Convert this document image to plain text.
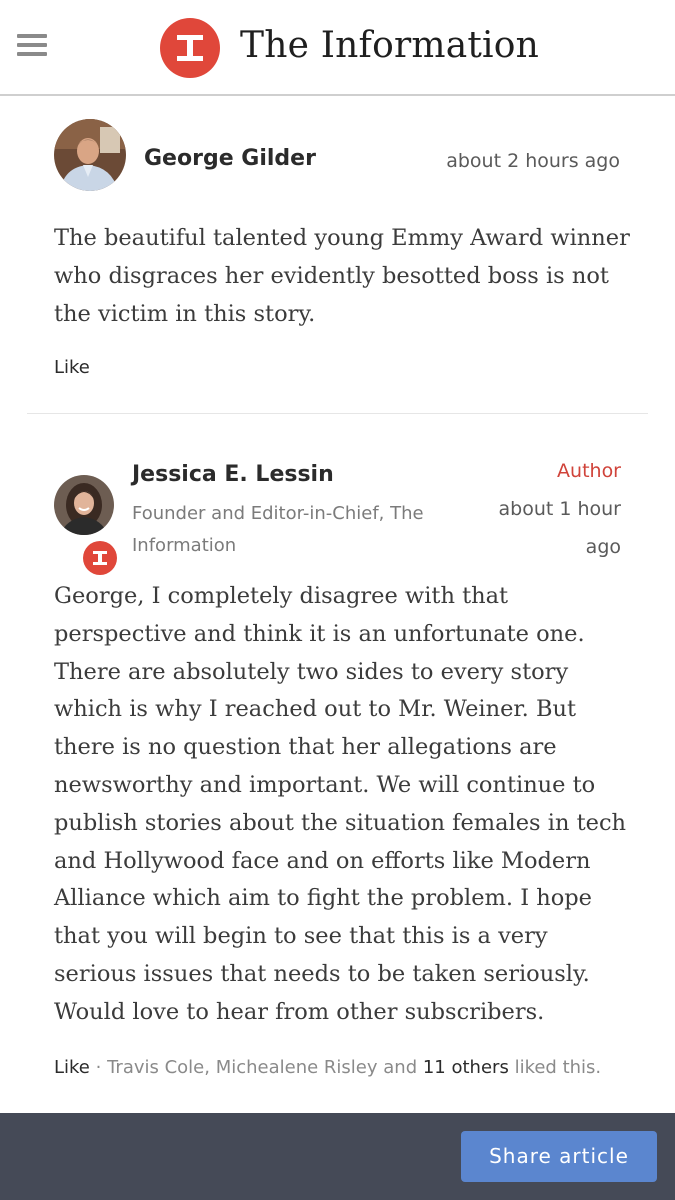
The Information
George Gilder	about 2 hours ago
The beautiful talented young Emmy Award winner who disgraces her evidently besotted boss is not the victim in this story.
Like
Jessica E. Lessin
Founder and Editor-in-Chief, The Information
Author
about 1 hour ago
George, I completely disagree with that perspective and think it is an unfortunate one. There are absolutely two sides to every story which is why I reached out to Mr. Weiner. But there is no question that her allegations are newsworthy and important. We will continue to publish stories about the situation females in tech and Hollywood face and on efforts like Modern Alliance which aim to fight the problem. I hope that you will begin to see that this is a very serious issues that needs to be taken seriously. Would love to hear from other subscribers.
Like · Travis Cole, Michealene Risley and 11 others liked this.
Share article
